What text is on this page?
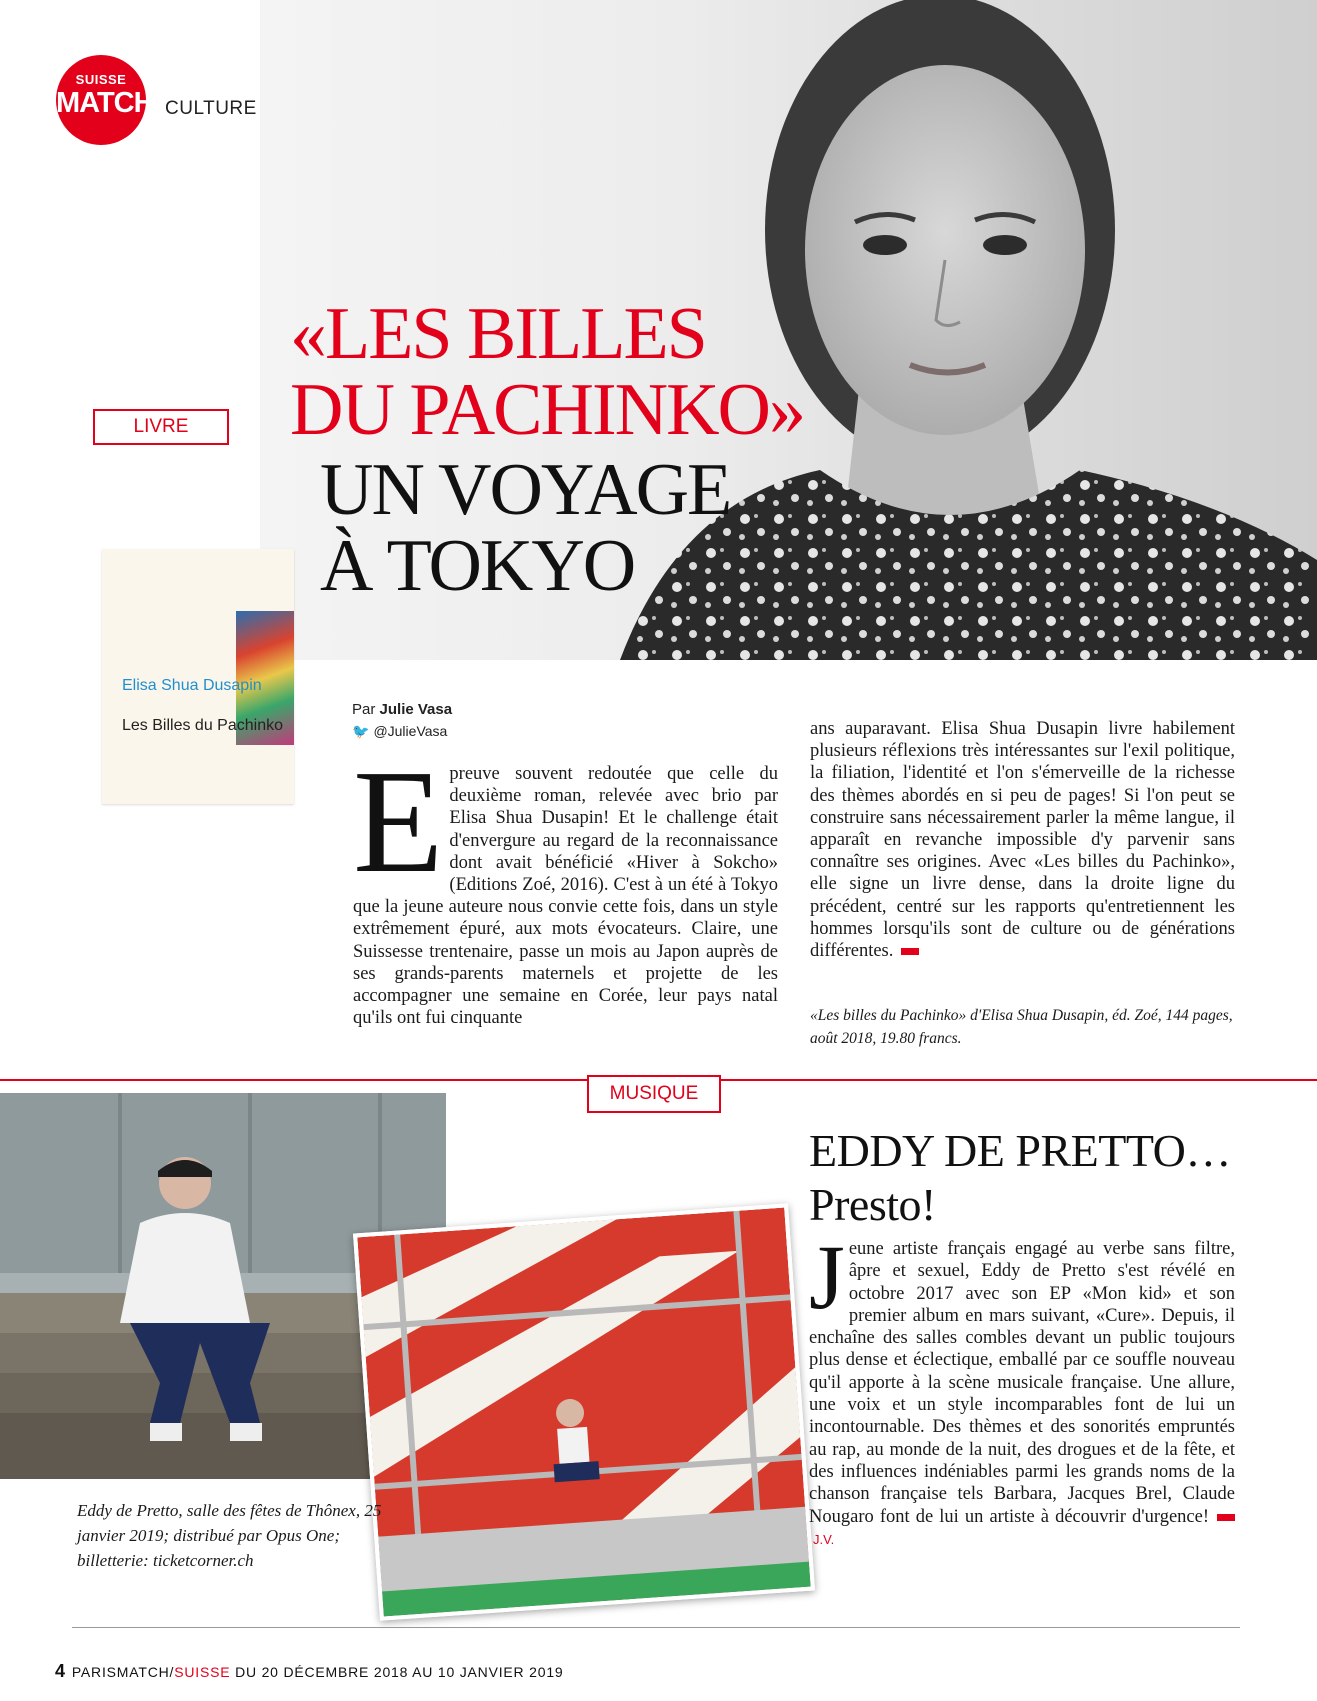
SUISSE
MATCH CULTURE
LIVRE
«LES BILLES
DU PACHINKO»
UN VOYAGE
À TOKYO
Elisa Shua Dusapin
Les Billes du Pachinko
Par Julie Vasa
🐦 @JulieVasa
Epreuve souvent redoutée que celle du deuxième roman, relevée avec brio par Elisa Shua Dusapin! Et le challenge était d'envergure au regard de la reconnaissance dont avait bénéficié «Hiver à Sokcho» (Editions Zoé, 2016). C'est à un été à Tokyo que la jeune auteure nous convie cette fois, dans un style extrêmement épuré, aux mots évocateurs. Claire, une Suissesse trentenaire, passe un mois au Japon auprès de ses grands-parents maternels et projette de les accompagner une semaine en Corée, leur pays natal qu'ils ont fui cinquante
ans auparavant. Elisa Shua Dusapin livre habilement plusieurs réflexions très intéressantes sur l'exil politique, la filiation, l'identité et l'on s'émerveille de la richesse des thèmes abordés en si peu de pages! Si l'on peut se construire sans nécessairement parler la même langue, il apparaît en revanche impossible d'y parvenir sans connaître ses origines. Avec «Les billes du Pachinko», elle signe un livre dense, dans la droite ligne du précédent, centré sur les rapports qu'entretiennent les hommes lorsqu'ils sont de culture ou de générations différentes.
«Les billes du Pachinko» d'Elisa Shua Dusapin, éd. Zoé, 144 pages, août 2018, 19.80 francs.
MUSIQUE
Eddy de Pretto, salle des fêtes de Thônex, 25 janvier 2019; distribué par Opus One; billetterie: ticketcorner.ch
EDDY DE PRETTO…
Presto!
Jeune artiste français engagé au verbe sans filtre, âpre et sexuel, Eddy de Pretto s'est révélé en octobre 2017 avec son EP «Mon kid» et son premier album en mars suivant, «Cure». Depuis, il enchaîne des salles combles devant un public toujours plus dense et éclectique, emballé par ce souffle nouveau qu'il apporte à la scène musicale française. Une allure, une voix et un style incomparables font de lui un incontournable. Des thèmes et des sonorités empruntés au rap, au monde de la nuit, des drogues et de la fête, et des influences indéniables parmi les grands noms de la chanson française tels Barbara, Jacques Brel, Claude Nougaro font de lui un artiste à découvrir d'urgence!J.V.
4 PARISMATCH/SUISSE DU 20 DÉCEMBRE 2018 AU 10 JANVIER 2019
